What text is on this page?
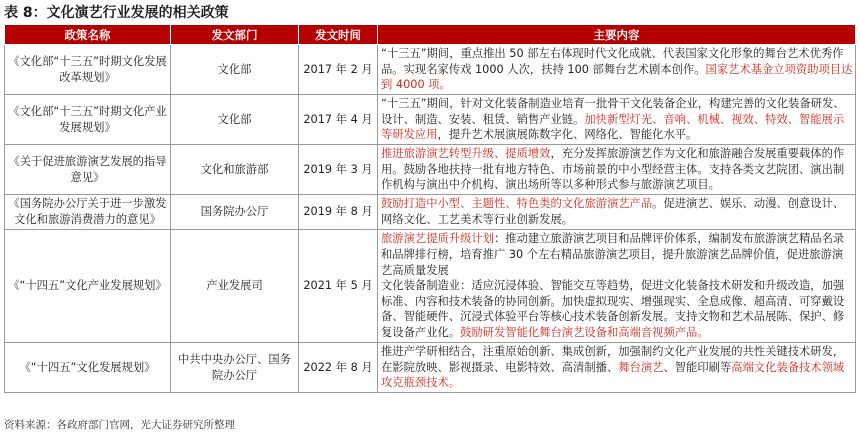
表 8：文化演艺行业发展的相关政策
政策名称	发文部门	发文时间	主要内容
《文化部“十三五”时期文化发展改革规划》	文化部	2017 年 2 月	“十三五”期间，重点推出 50 部左右体现时代文化成就、代表国家文化形象的舞台艺术优秀作品。实现名家传戏 1000 人次，扶持 100 部舞台艺术剧本创作。国家艺术基金立项资助项目达到 4000 项。
《文化部“十三五”时期文化产业发展规划》	文化部	2017 年 4 月	“十三五”期间，针对文化装备制造业培育一批骨干文化装备企业，构建完善的文化装备研发、设计、制造、安装、租赁、销售产业链。加快新型灯光、音响、机械、视效、特效、智能展示等研发应用，提升艺术展演展陈数字化、网络化、智能化水平。
《关于促进旅游演艺发展的指导意见》	文化和旅游部	2019 年 3 月	推进旅游演艺转型升级、提质增效，充分发挥旅游演艺作为文化和旅游融合发展重要载体的作用。鼓励各地扶持一批有地方特色、市场前景的中小型经营主体。支持各类文艺院团、演出制作机构与演出中介机构、演出场所等以多种形式参与旅游演艺项目。
《国务院办公厅关于进一步激发文化和旅游消费潜力的意见》	国务院办公厅	2019 年 8 月	鼓励打造中小型、主题性、特色类的文化旅游演艺产品。促进演艺、娱乐、动漫、创意设计、网络文化、工艺美术等行业创新发展。
《“十四五”文化产业发展规划》	产业发展司	2021 年 5 月	旅游演艺提质升级计划：推动建立旅游演艺项目和品牌评价体系，编制发布旅游演艺精品名录和品牌排行榜，培育推广 30 个左右精品旅游演艺项目，提升旅游演艺品牌价值，促进旅游演艺高质量发展
文化装备制造业：适应沉浸体验、智能交互等趋势，促进文化装备技术研发和升级改造，加强标准、内容和技术装备的协同创新。加快虚拟现实、增强现实、全息成像、超高清、可穿戴设备、智能硬件、沉浸式体验平台等核心技术装备创新发展。支持文物和艺术品展陈、保护、修复设备产业化。鼓励研发智能化舞台演艺设备和高端音视频产品。
《“十四五”文化发展规划》	中共中央办公厅、国务院办公厅	2022 年 8 月	推进产学研相结合，注重原始创新、集成创新，加强制约文化产业发展的共性关键技术研发，在影院放映、影视摄录、电影特效、高清制播、舞台演艺、智能印刷等高端文化装备技术领域攻克瓶颈技术。
资料来源：各政府部门官网，光大证券研究所整理
